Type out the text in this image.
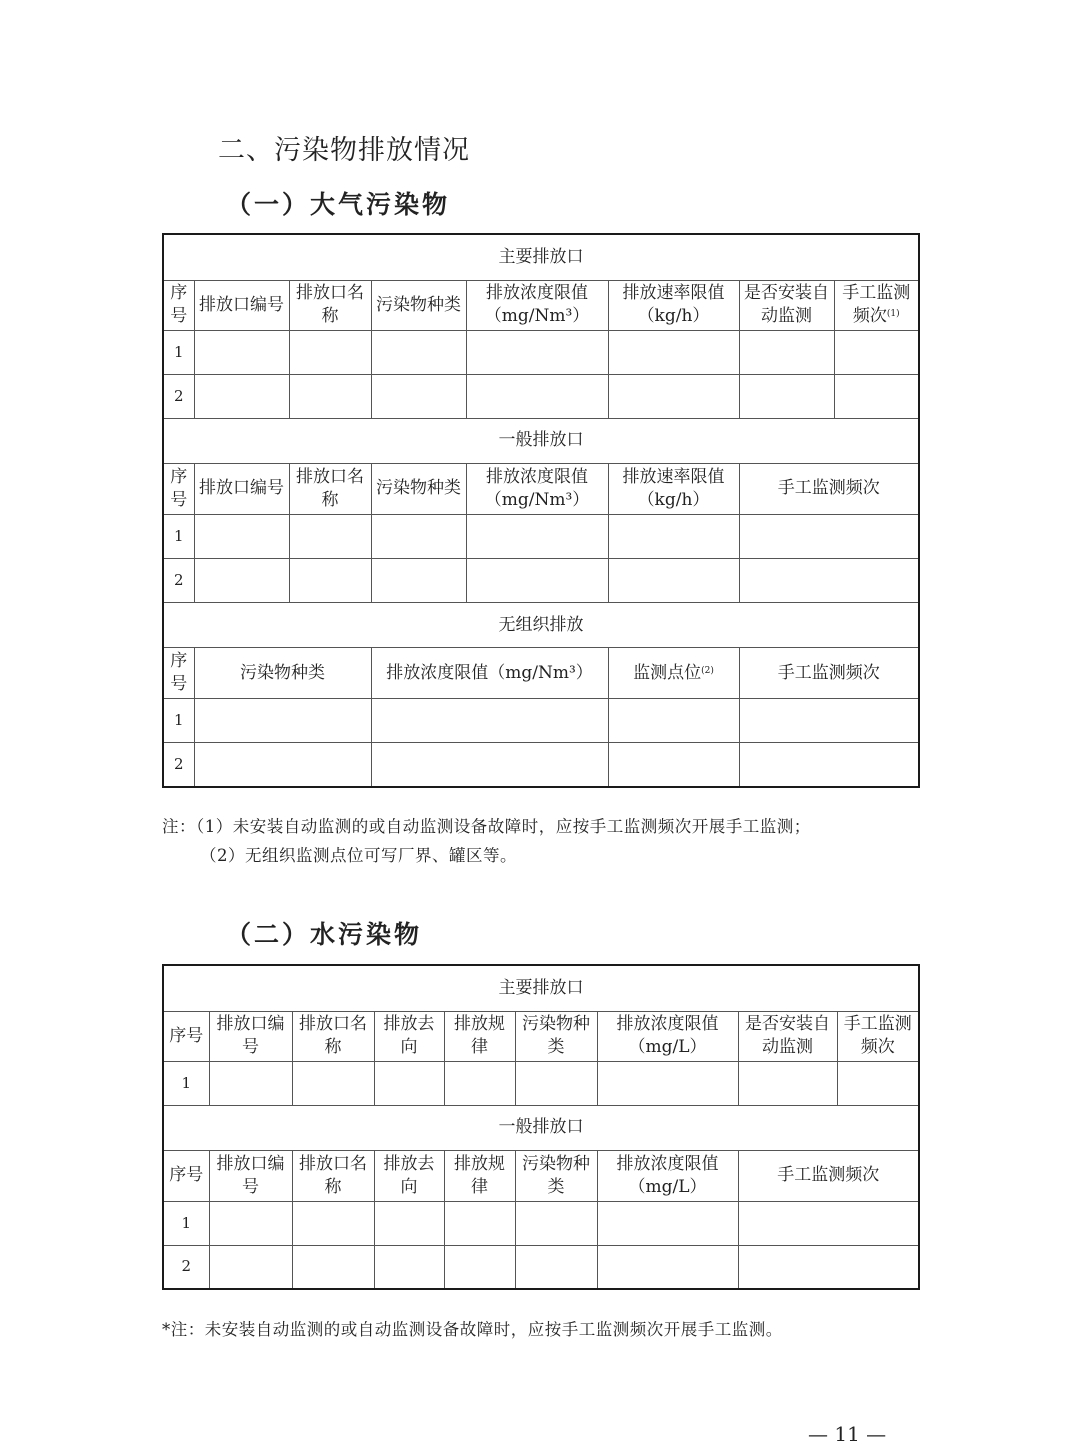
二、污染物排放情况
（一）大气污染物
主要排放口							
序号	排放口编号	排放口名称	污染物种类	排放浓度限值（mg/Nm³）	排放速率限值（kg/h）	是否安装自动监测	手工监测频次$^{(1)}$
1							
2							
一般排放口							
序号	排放口编号	排放口名称	污染物种类	排放浓度限值（mg/Nm³）	排放速率限值（kg/h）	手工监测频次	
1							
2							
无组织排放							
序号	污染物种类		排放浓度限值（mg/Nm³）		监测点位$^{(2)}$	手工监测频次	
1							
2							
注：（1）未安装自动监测的或自动监测设备故障时，应按手工监测频次开展手工监测；
（2）无组织监测点位可写厂界、罐区等。
（二）水污染物
主要排放口								
序号	排放口编号	排放口名称	排放去向	排放规律	污染物种类	排放浓度限值（mg/L）	是否安装自动监测	手工监测频次
1								
一般排放口								
序号	排放口编号	排放口名称	排放去向	排放规律	污染物种类	排放浓度限值（mg/L）	手工监测频次	
1								
2								
*注：未安装自动监测的或自动监测设备故障时，应按手工监测频次开展手工监测。
— 11 —
